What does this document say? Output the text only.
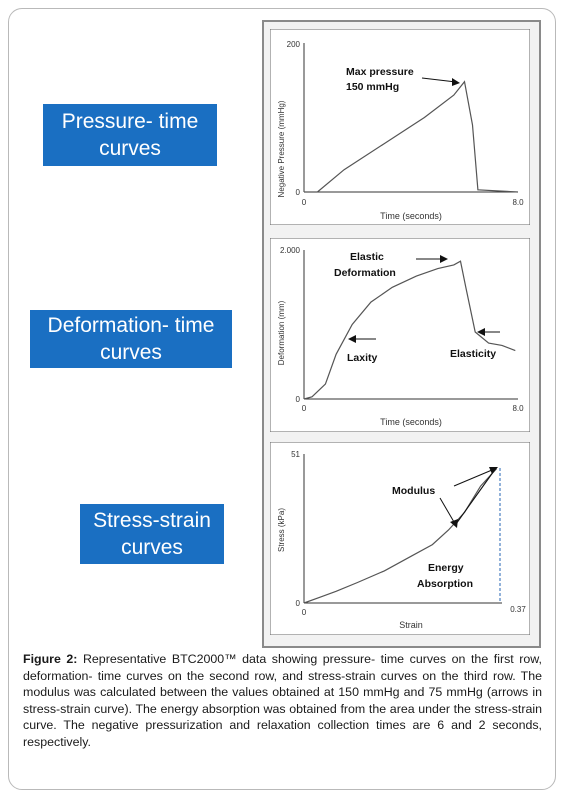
Pressure- time
curves
Deformation- time
curves
Stress-strain
curves
Negative Pressure (mmHg)
200
0
0	8.0
Time (seconds)
Max pressure
150 mmHg
Deformation (mm)
2.000
0
0	8.0
Time (seconds)
Elastic
Deformation
Laxity	Elasticity
Stress (kPa)
51
0
0	0.37
Strain
Modulus
Energy
Absorption
Figure 2: Representative BTC2000™ data showing pressure- time curves on the first row, deformation- time curves on the second row, and stress-strain curves on the third row. The modulus was calculated between the values obtained at 150 mmHg and 75 mmHg (arrows in stress-strain curve). The energy absorption was obtained from the area under the stress-strain curve. The negative pressurization and relaxation collection times are 6 and 2 seconds, respectively.
